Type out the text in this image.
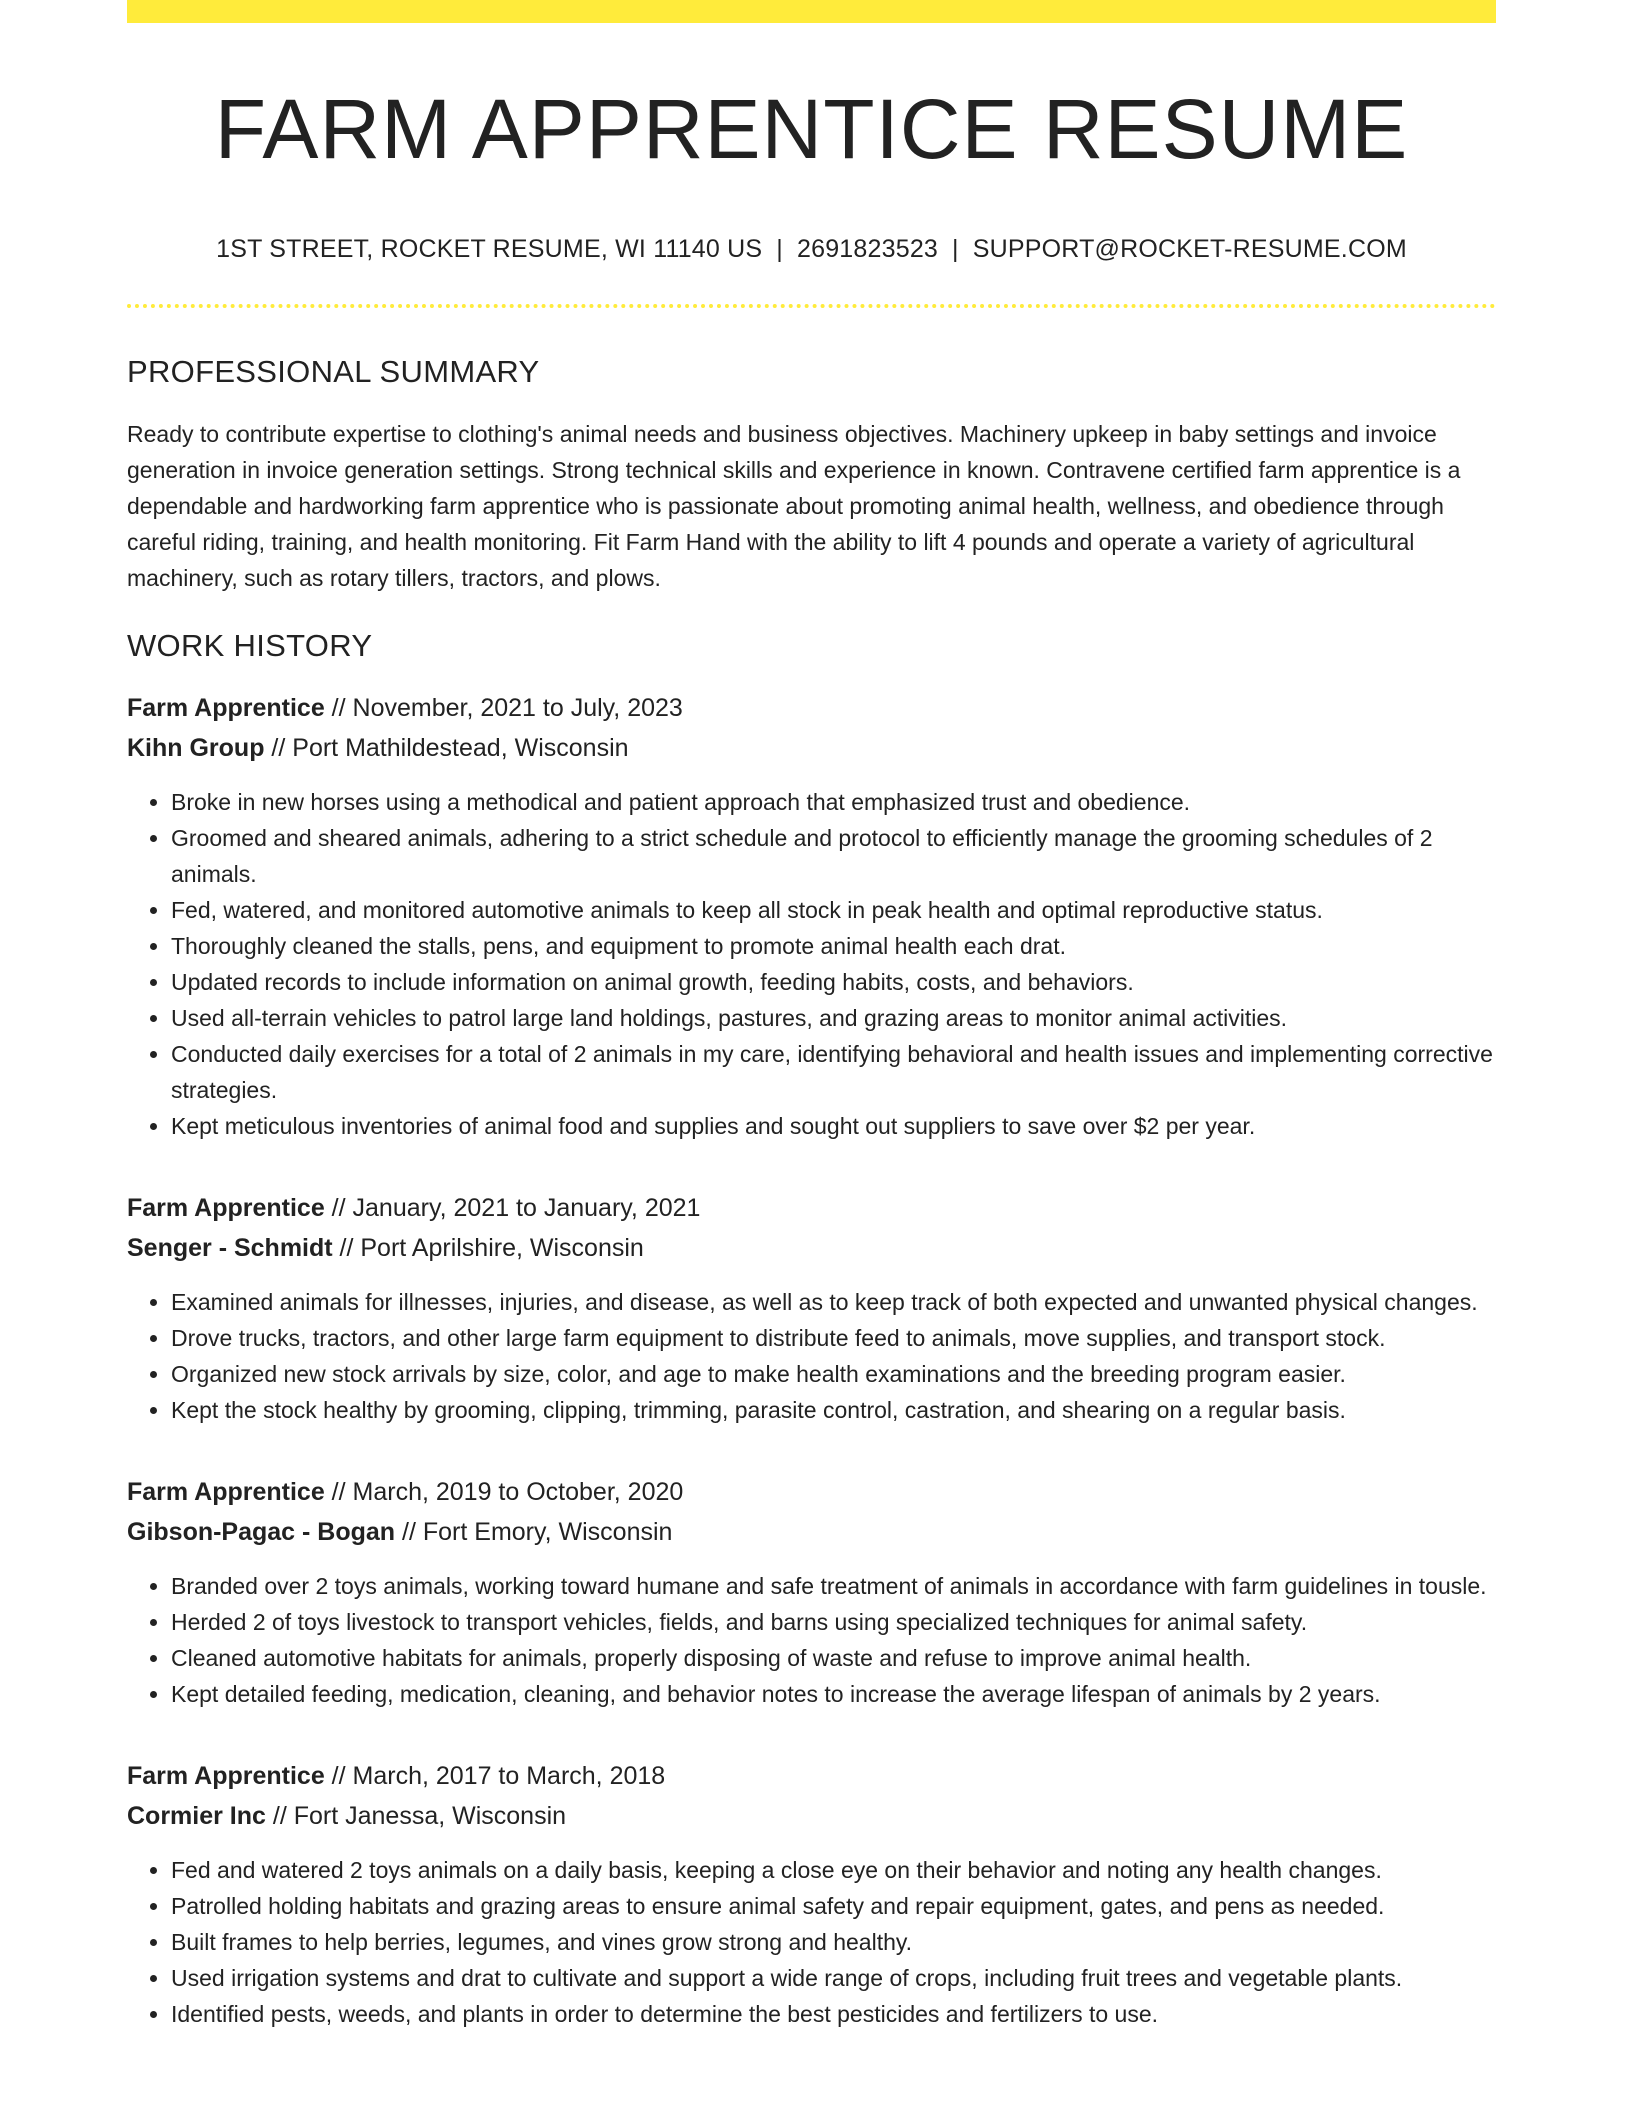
FARM APPRENTICE RESUME
1ST STREET, ROCKET RESUME, WI 11140 US | 2691823523 | SUPPORT@ROCKET-RESUME.COM
PROFESSIONAL SUMMARY
Ready to contribute expertise to clothing's animal needs and business objectives. Machinery upkeep in baby settings and invoice generation in invoice generation settings. Strong technical skills and experience in known. Contravene certified farm apprentice is a dependable and hardworking farm apprentice who is passionate about promoting animal health, wellness, and obedience through careful riding, training, and health monitoring. Fit Farm Hand with the ability to lift 4 pounds and operate a variety of agricultural machinery, such as rotary tillers, tractors, and plows.
WORK HISTORY
Farm Apprentice // November, 2021 to July, 2023
Kihn Group // Port Mathildestead, Wisconsin
• Broke in new horses using a methodical and patient approach that emphasized trust and obedience.
• Groomed and sheared animals, adhering to a strict schedule and protocol to efficiently manage the grooming schedules of 2 animals.
• Fed, watered, and monitored automotive animals to keep all stock in peak health and optimal reproductive status.
• Thoroughly cleaned the stalls, pens, and equipment to promote animal health each drat.
• Updated records to include information on animal growth, feeding habits, costs, and behaviors.
• Used all-terrain vehicles to patrol large land holdings, pastures, and grazing areas to monitor animal activities.
• Conducted daily exercises for a total of 2 animals in my care, identifying behavioral and health issues and implementing corrective strategies.
• Kept meticulous inventories of animal food and supplies and sought out suppliers to save over $2 per year.
Farm Apprentice // January, 2021 to January, 2021
Senger - Schmidt // Port Aprilshire, Wisconsin
• Examined animals for illnesses, injuries, and disease, as well as to keep track of both expected and unwanted physical changes.
• Drove trucks, tractors, and other large farm equipment to distribute feed to animals, move supplies, and transport stock.
• Organized new stock arrivals by size, color, and age to make health examinations and the breeding program easier.
• Kept the stock healthy by grooming, clipping, trimming, parasite control, castration, and shearing on a regular basis.
Farm Apprentice // March, 2019 to October, 2020
Gibson-Pagac - Bogan // Fort Emory, Wisconsin
• Branded over 2 toys animals, working toward humane and safe treatment of animals in accordance with farm guidelines in tousle.
• Herded 2 of toys livestock to transport vehicles, fields, and barns using specialized techniques for animal safety.
• Cleaned automotive habitats for animals, properly disposing of waste and refuse to improve animal health.
• Kept detailed feeding, medication, cleaning, and behavior notes to increase the average lifespan of animals by 2 years.
Farm Apprentice // March, 2017 to March, 2018
Cormier Inc // Fort Janessa, Wisconsin
• Fed and watered 2 toys animals on a daily basis, keeping a close eye on their behavior and noting any health changes.
• Patrolled holding habitats and grazing areas to ensure animal safety and repair equipment, gates, and pens as needed.
• Built frames to help berries, legumes, and vines grow strong and healthy.
• Used irrigation systems and drat to cultivate and support a wide range of crops, including fruit trees and vegetable plants.
• Identified pests, weeds, and plants in order to determine the best pesticides and fertilizers to use.
